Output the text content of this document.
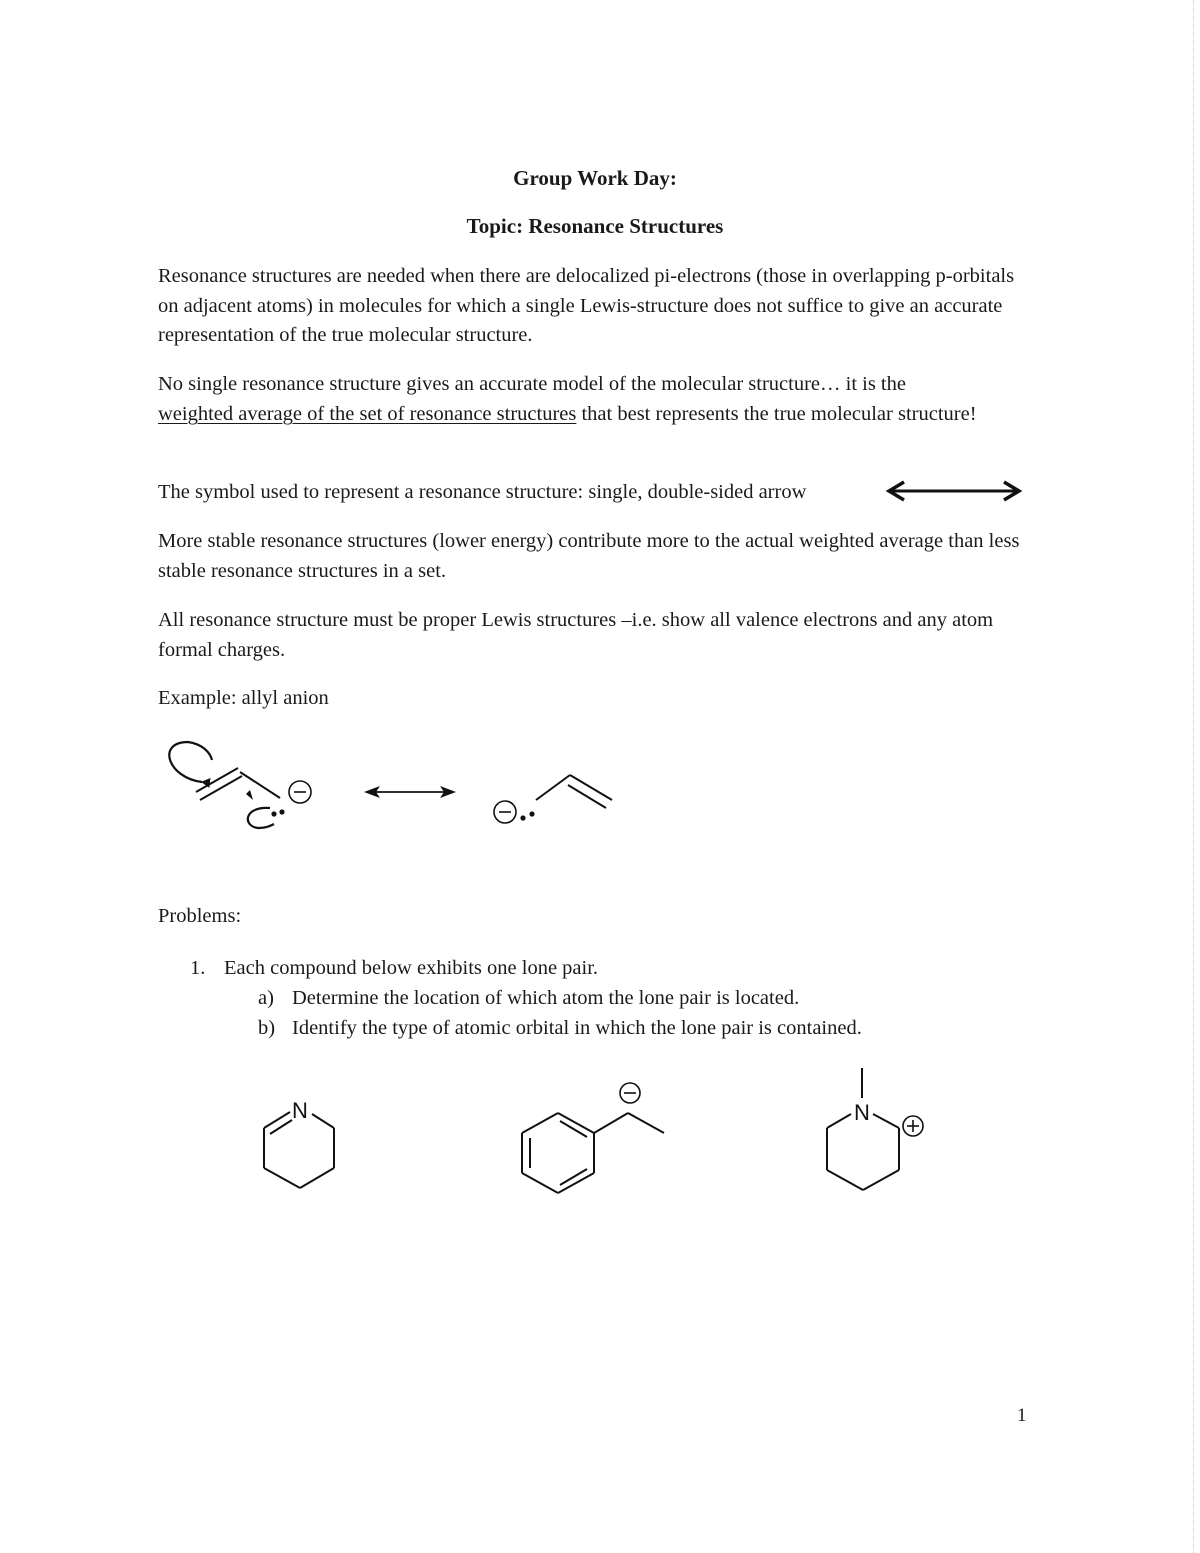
Group Work Day:
Topic: Resonance Structures

Resonance structures are needed when there are delocalized pi-electrons (those in overlapping p-orbitals on adjacent atoms) in molecules for which a single Lewis-structure does not suffice to give an accurate representation of the true molecular structure.

No single resonance structure gives an accurate model of the molecular structure… it is the
weighted average of the set of resonance structures that best represents the true molecular structure!

The symbol used to represent a resonance structure: single, double-sided arrow

More stable resonance structures (lower energy) contribute more to the actual weighted average than less stable resonance structures in a set.

All resonance structure must be proper Lewis structures –i.e. show all valence electrons and any atom formal charges.

Example: allyl anion

Problems:

1. Each compound below exhibits one lone pair.
a) Determine the location of which atom the lone pair is located.
b) Identify the type of atomic orbital in which the lone pair is contained.
N	N
1
